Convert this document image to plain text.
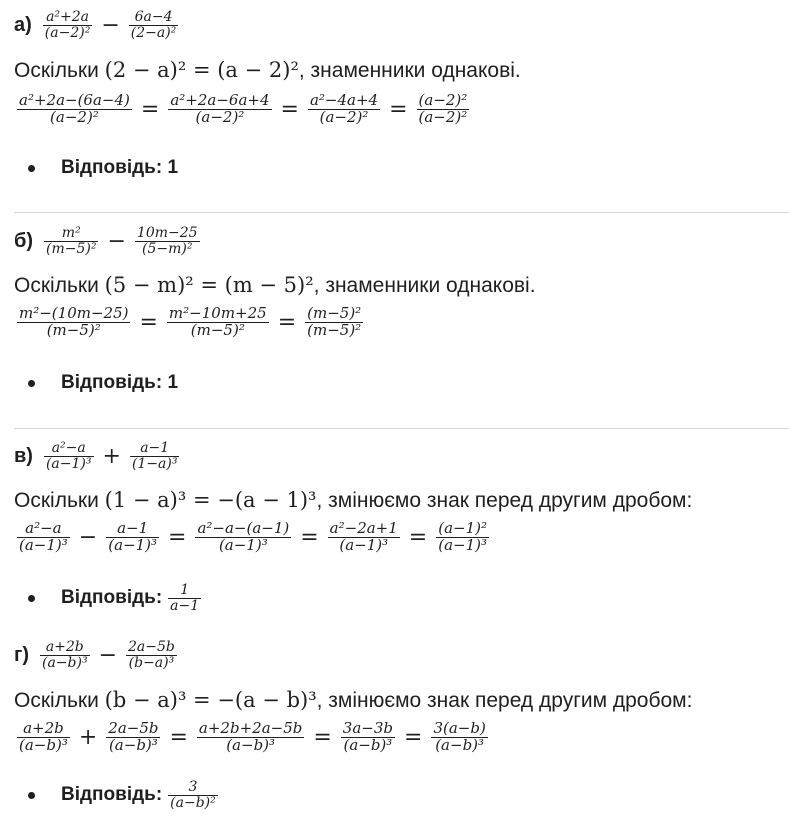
$а) \frac{\text{a²+2a}}{\text{(a−2)²}} - \frac{6a-4}{\text{(2−a)²}}$
Оскільки (2 − a)² = (a − 2)², знаменники однакові.
$\frac{\text{a²+2a−(6a−4)}}{\text{(a−2)²}} = \frac{\text{a²+2a−6a+4}}{\text{(a−2)²}} = \frac{\text{a²−4a+4}}{\text{(a−2)²}} = \frac{\text{(a−2)²}}{\text{(a−2)²}}$
Відповідь: 1
$б) \frac{\text{m²}}{\text{(m−5)²}} - \frac{10m-25}{\text{(5−m)²}}$
Оскільки (5 − m)² = (m − 5)², знаменники однакові.
$\frac{\text{m²−(10m−25)}}{\text{(m−5)²}} = \frac{\text{m²−10m+25}}{\text{(m−5)²}} = \frac{\text{(m−5)²}}{\text{(m−5)²}}$
Відповідь: 1
$в) \frac{\text{a²−a}}{\text{(a−1)³}} + \frac{a-1}{\text{(1−a)³}}$
Оскільки (1 − a)³ = −(a − 1)³, змінюємо знак перед другим дробом:
$\frac{\text{a²−a}}{\text{(a−1)³}} - \frac{a-1}{\text{(a−1)³}} = \frac{\text{a²−a−(a−1)}}{\text{(a−1)³}} = \frac{\text{a²−2a+1}}{\text{(a−1)³}} = \frac{\text{(a−1)²}}{\text{(a−1)³}}$
Відповідь: $\frac{1}{a-1}$
$г) \frac{a+2b}{\text{(a−b)³}} - \frac{2a-5b}{\text{(b−a)³}}$
Оскільки (b − a)³ = −(a − b)³, змінюємо знак перед другим дробом:
$\frac{a+2b}{\text{(a−b)³}} + \frac{2a-5b}{\text{(a−b)³}} = \frac{a+2b+2a-5b}{\text{(a−b)³}} = \frac{3a-3b}{\text{(a−b)³}} = \frac{3(a-b)}{\text{(a−b)³}}$
Відповідь: $\frac{3}{\text{(a−b)²}}$
